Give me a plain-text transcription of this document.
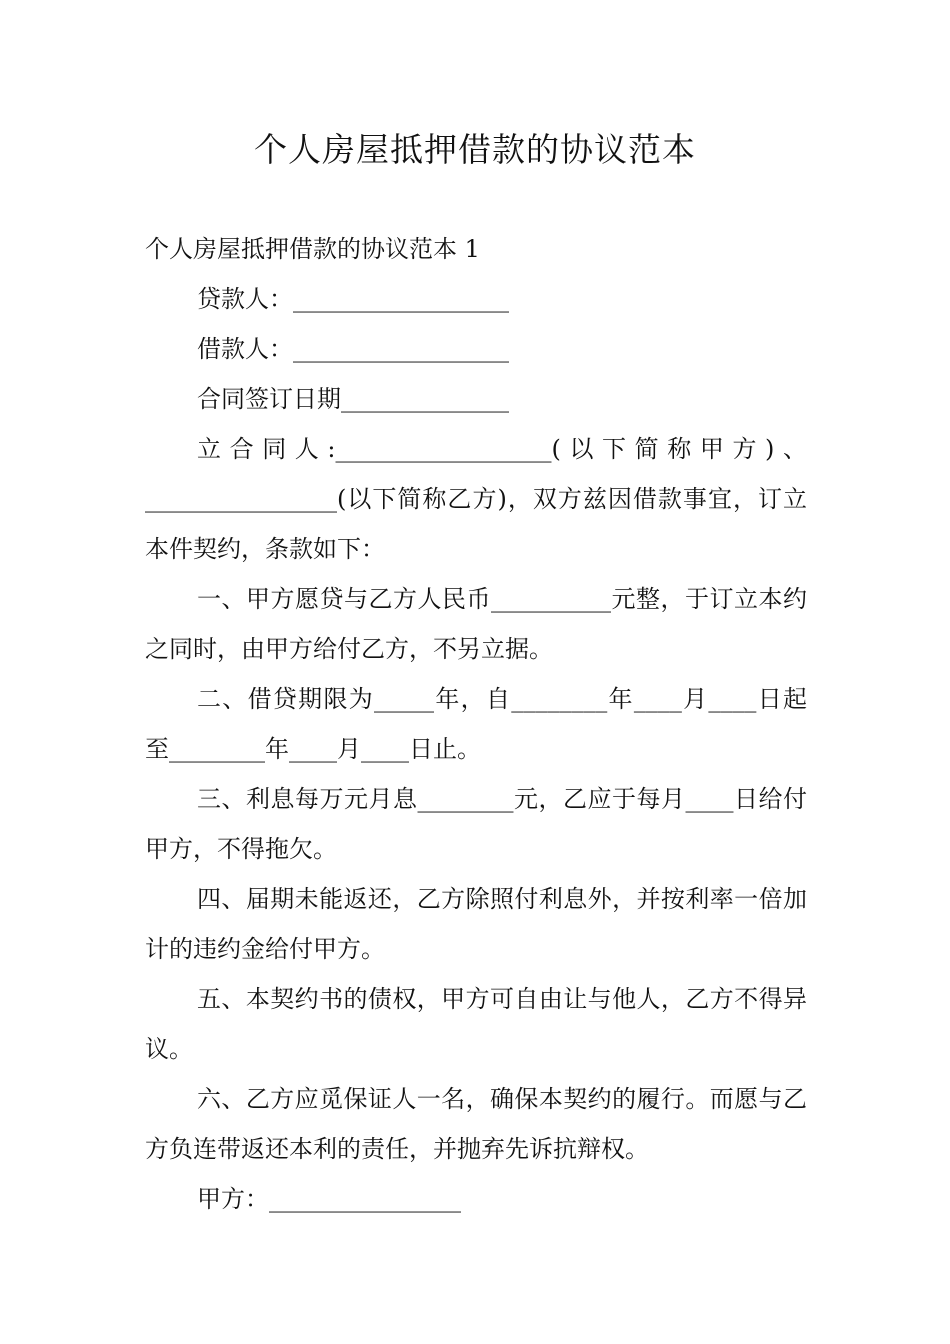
个人房屋抵押借款的协议范本

个人房屋抵押借款的协议范本 1

贷款人：__________________

借款人：__________________

合同签订日期______________

立合同人:__________________(以下简称甲方)、________________(以下简称乙方)，双方兹因借款事宜，订立本件契约，条款如下：

一、甲方愿贷与乙方人民币__________元整，于订立本约之同时，由甲方给付乙方，不另立据。

二、借贷期限为_____年，自________年____月____日起至________年____月____日止。

三、利息每万元月息________元，乙应于每月____日给付甲方，不得拖欠。

四、届期未能返还，乙方除照付利息外，并按利率一倍加计的违约金给付甲方。

五、本契约书的债权，甲方可自由让与他人，乙方不得异议。

六、乙方应觅保证人一名，确保本契约的履行。而愿与乙方负连带返还本利的责任，并抛弃先诉抗辩权。

甲方：________________
